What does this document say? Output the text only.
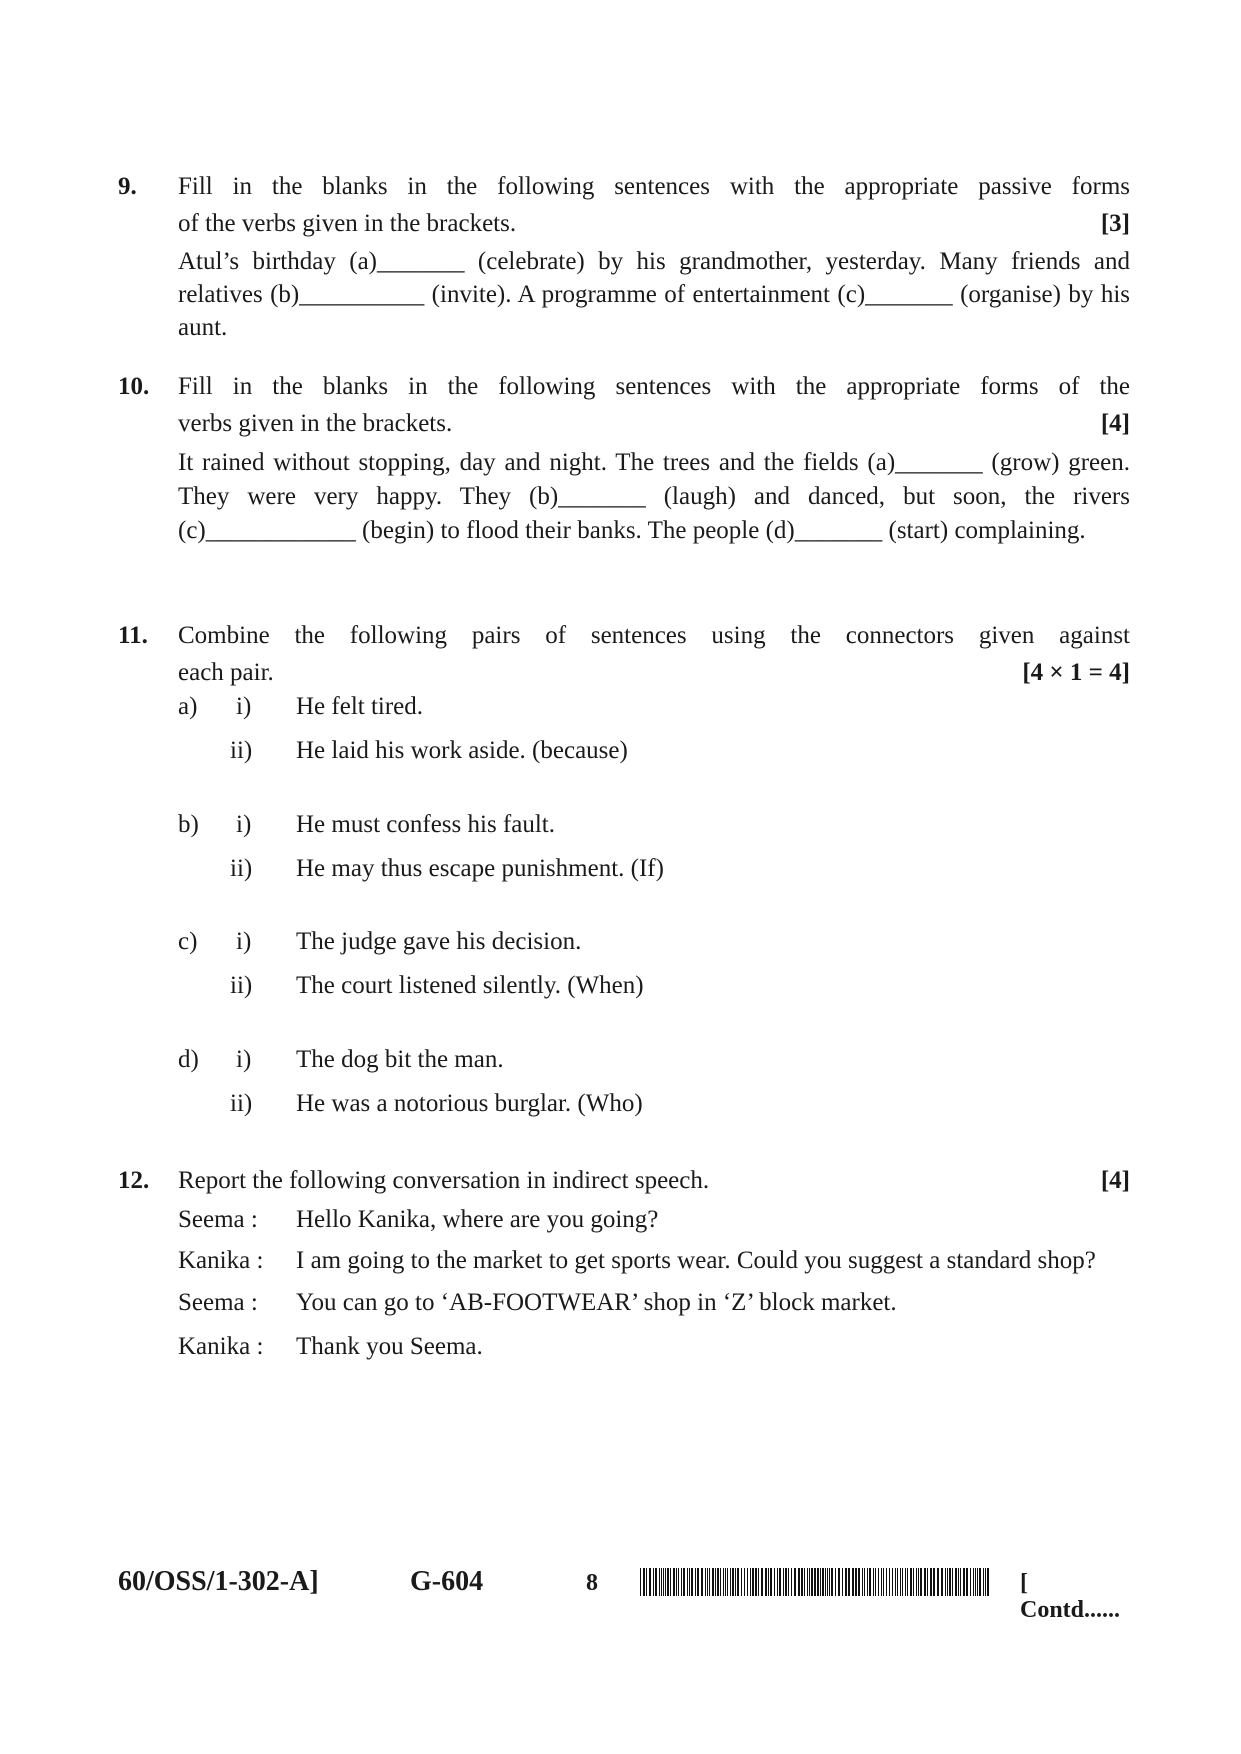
9. Fill in the blanks in the following sentences with the appropriate passive forms
of the verbs given in the brackets.	[3]
Atul’s birthday (a)_______ (celebrate) by his grandmother, yesterday. Many friends and relatives (b)__________ (invite). A programme of entertainment (c)_______ (organise) by his aunt.
10. Fill in the blanks in the following sentences with the appropriate forms of the
verbs given in the brackets.	[4]
It rained without stopping, day and night. The trees and the fields (a)_______ (grow) green. They were very happy. They (b)_______ (laugh) and danced, but soon, the rivers (c)____________ (begin) to flood their banks. The people (d)_______ (start) complaining.
11. Combine the following pairs of sentences using the connectors given against
each pair.	[4 × 1 = 4]
a) i) He felt tired.
ii) He laid his work aside. (because)
b) i) He must confess his fault.
ii) He may thus escape punishment. (If)
c) i) The judge gave his decision.
ii) The court listened silently. (When)
d) i) The dog bit the man.
ii) He was a notorious burglar. (Who)
12. Report the following conversation in indirect speech.	[4]
Seema :	Hello Kanika, where are you going?
Kanika :	I am going to the market to get sports wear. Could you suggest a standard shop?
Seema :	You can go to ‘AB-FOOTWEAR’ shop in ‘Z’ block market.
Kanika :	Thank you Seema.
60/OSS/1-302-A]	G-604	8	[ Contd......
